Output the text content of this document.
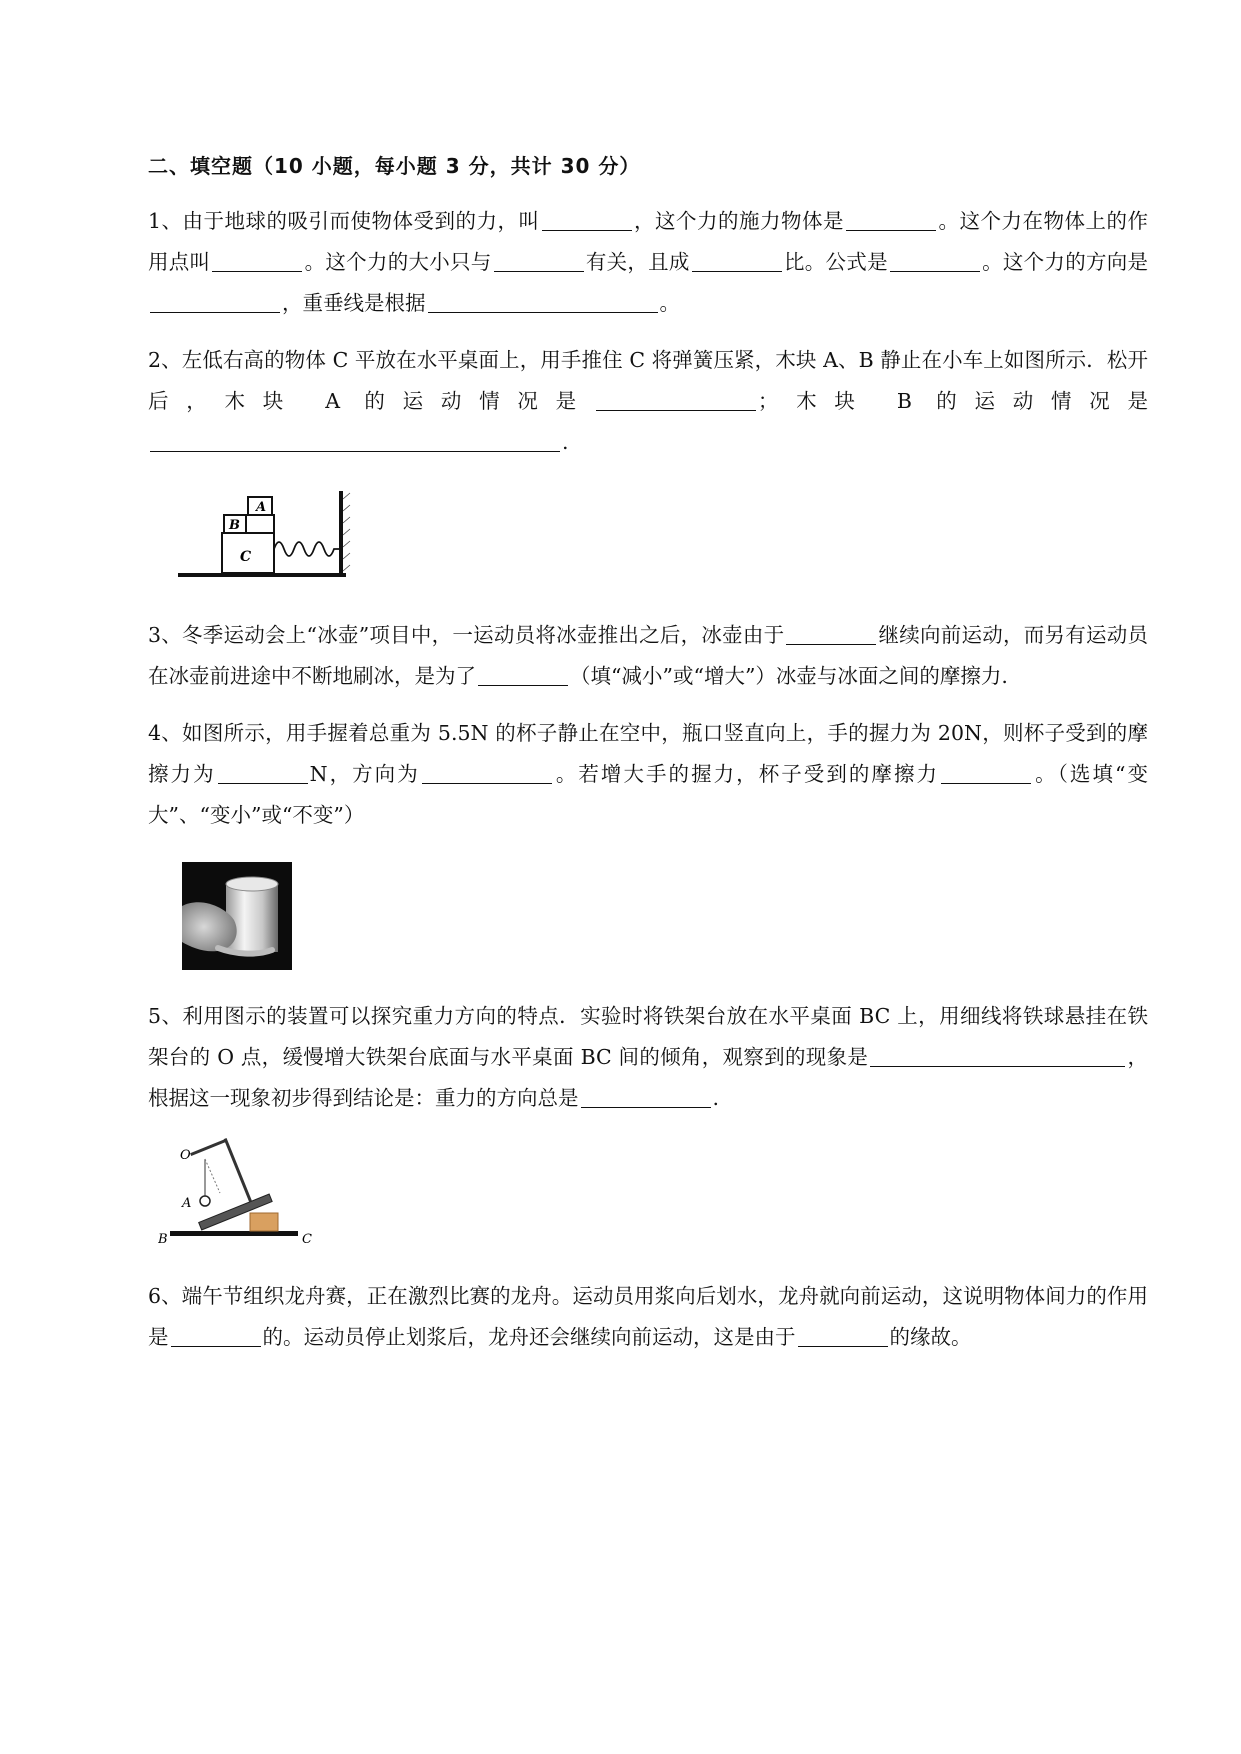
二、填空题（10 小题，每小题 3 分，共计 30 分）
1、由于地球的吸引而使物体受到的力，叫	，这个力的施力物体是	。这个力在物体上的作用点叫	。这个力的大小只与	有关，且成	比。公式是	。这个力的方向是，重垂线是根据	。
2、左低右高的物体 C 平放在水平桌面上，用手推住 C 将弹簧压紧，木块 A、B 静止在小车上如图所示．松开后，木块 A 的运动情况是	；木块 B 的运动情况是.
A
B
C
3、冬季运动会上“冰壶”项目中，一运动员将冰壶推出之后，冰壶由于	继续向前运动，而另有运动员在冰壶前进途中不断地刷冰，是为了	（填“减小”或“增大”）冰壶与冰面之间的摩擦力.
4、如图所示，用手握着总重为 5.5N 的杯子静止在空中，瓶口竖直向上，手的握力为 20N，则杯子受到的摩擦力为	N，方向为	。若增大手的握力，杯子受到的摩擦力	。（选填“变大”、“变小”或“不变”）
5、利用图示的装置可以探究重力方向的特点．实验时将铁架台放在水平桌面 BC 上，用细线将铁球悬挂在铁架台的 O 点，缓慢增大铁架台底面与水平桌面 BC 间的倾角，观察到的现象是	，根据这一现象初步得到结论是：重力的方向总是	.
O
A
B	C
6、端午节组织龙舟赛，正在激烈比赛的龙舟。运动员用浆向后划水，龙舟就向前运动，这说明物体间力的作用是	的。运动员停止划浆后，龙舟还会继续向前运动，这是由于	的缘故。
